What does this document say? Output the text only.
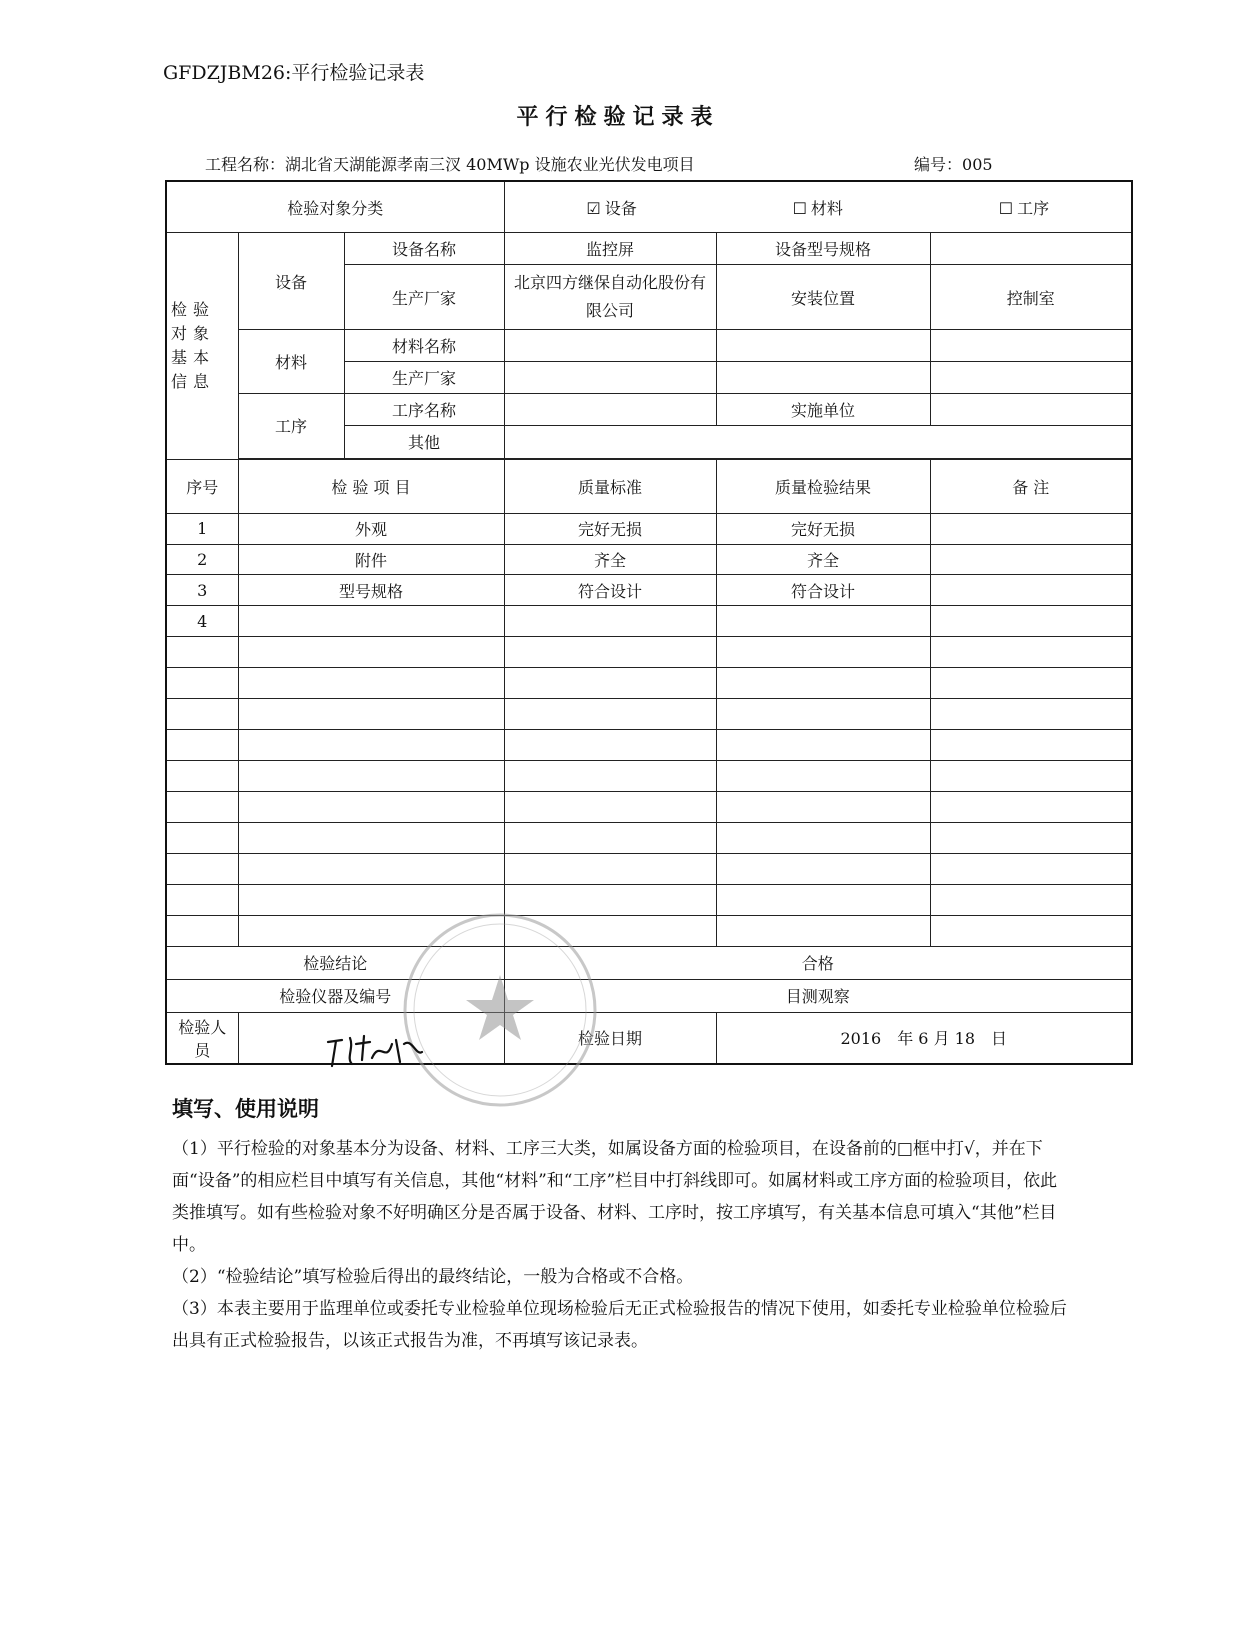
GFDZJBM26:平行检验记录表
平行检验记录表
工程名称：湖北省天湖能源孝南三汊 40MWp 设施农业光伏发电项目	编号：005
检验对象分类			☑ 设备 ☐ 材料 ☐ 工序		

检验对象基本信息	设备	设备名称	监控屏	设备型号规格	
		生产厂家	北京四方继保自动化股份有限公司	安装位置	控制室
	材料	材料名称			
		生产厂家			
	工序	工序名称		实施单位	
		其他			

序号	检 验 项 目		质量标准	质量检验结果	备 注
1	外观		完好无损	完好无损	
2	附件		齐全	齐全	
3	型号规格		符合设计	符合设计	
4					

检验结论			合格		
检验仪器及编号			目测观察		
检验人员			检验日期	2016　年 6 月 18　日	
填写、使用说明

（1）平行检验的对象基本分为设备、材料、工序三大类，如属设备方面的检验项目，在设备前的□框中打√，并在下面“设备”的相应栏目中填写有关信息，其他“材料”和“工序”栏目中打斜线即可。如属材料或工序方面的检验项目，依此类推填写。如有些检验对象不好明确区分是否属于设备、材料、工序时，按工序填写，有关基本信息可填入“其他”栏目中。

（2）“检验结论”填写检验后得出的最终结论，一般为合格或不合格。

（3）本表主要用于监理单位或委托专业检验单位现场检验后无正式检验报告的情况下使用，如委托专业检验单位检验后出具有正式检验报告，以该正式报告为准，不再填写该记录表。
